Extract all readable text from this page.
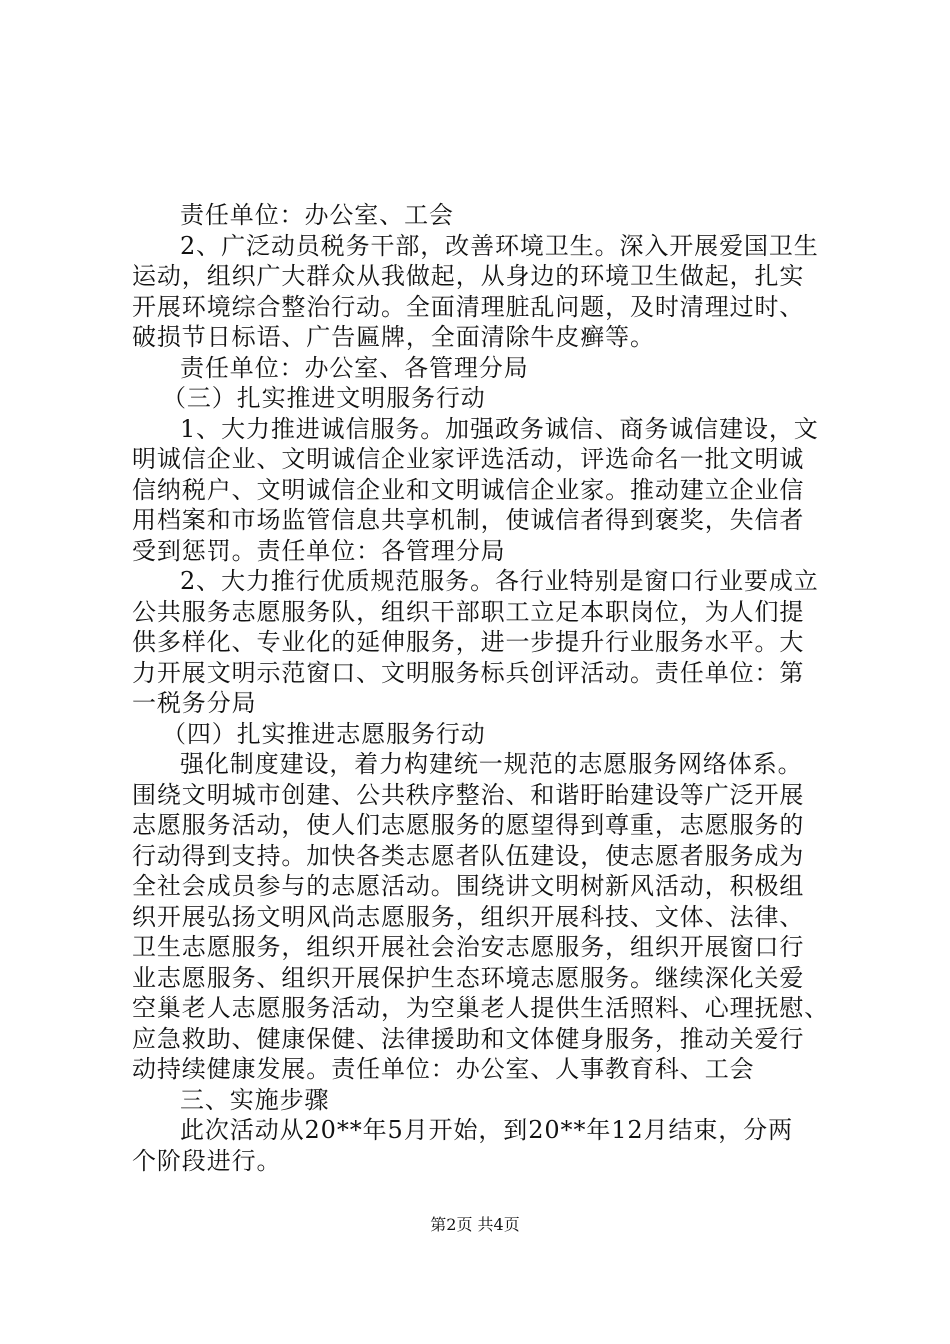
责任单位：办公室、工会
2、广泛动员税务干部，改善环境卫生。深入开展爱国卫生
运动，组织广大群众从我做起，从身边的环境卫生做起，扎实
开展环境综合整治行动。全面清理脏乱问题，及时清理过时、
破损节日标语、广告匾牌，全面清除牛皮癣等。
责任单位：办公室、各管理分局
（三）扎实推进文明服务行动
1、大力推进诚信服务。加强政务诚信、商务诚信建设，文
明诚信企业、文明诚信企业家评选活动，评选命名一批文明诚
信纳税户、文明诚信企业和文明诚信企业家。推动建立企业信
用档案和市场监管信息共享机制，使诚信者得到褒奖，失信者
受到惩罚。责任单位：各管理分局
2、大力推行优质规范服务。各行业特别是窗口行业要成立
公共服务志愿服务队，组织干部职工立足本职岗位，为人们提
供多样化、专业化的延伸服务，进一步提升行业服务水平。大
力开展文明示范窗口、文明服务标兵创评活动。责任单位：第
一税务分局
（四）扎实推进志愿服务行动
强化制度建设，着力构建统一规范的志愿服务网络体系。
围绕文明城市创建、公共秩序整治、和谐盱眙建设等广泛开展
志愿服务活动，使人们志愿服务的愿望得到尊重，志愿服务的
行动得到支持。加快各类志愿者队伍建设，使志愿者服务成为
全社会成员参与的志愿活动。围绕讲文明树新风活动，积极组
织开展弘扬文明风尚志愿服务，组织开展科技、文体、法律、
卫生志愿服务，组织开展社会治安志愿服务，组织开展窗口行
业志愿服务、组织开展保护生态环境志愿服务。继续深化关爱
空巢老人志愿服务活动，为空巢老人提供生活照料、心理抚慰、
应急救助、健康保健、法律援助和文体健身服务，推动关爱行
动持续健康发展。责任单位：办公室、人事教育科、工会
三、实施步骤
此次活动从20**年5月开始，到20**年12月结束，分两
个阶段进行。
第2页 共4页
